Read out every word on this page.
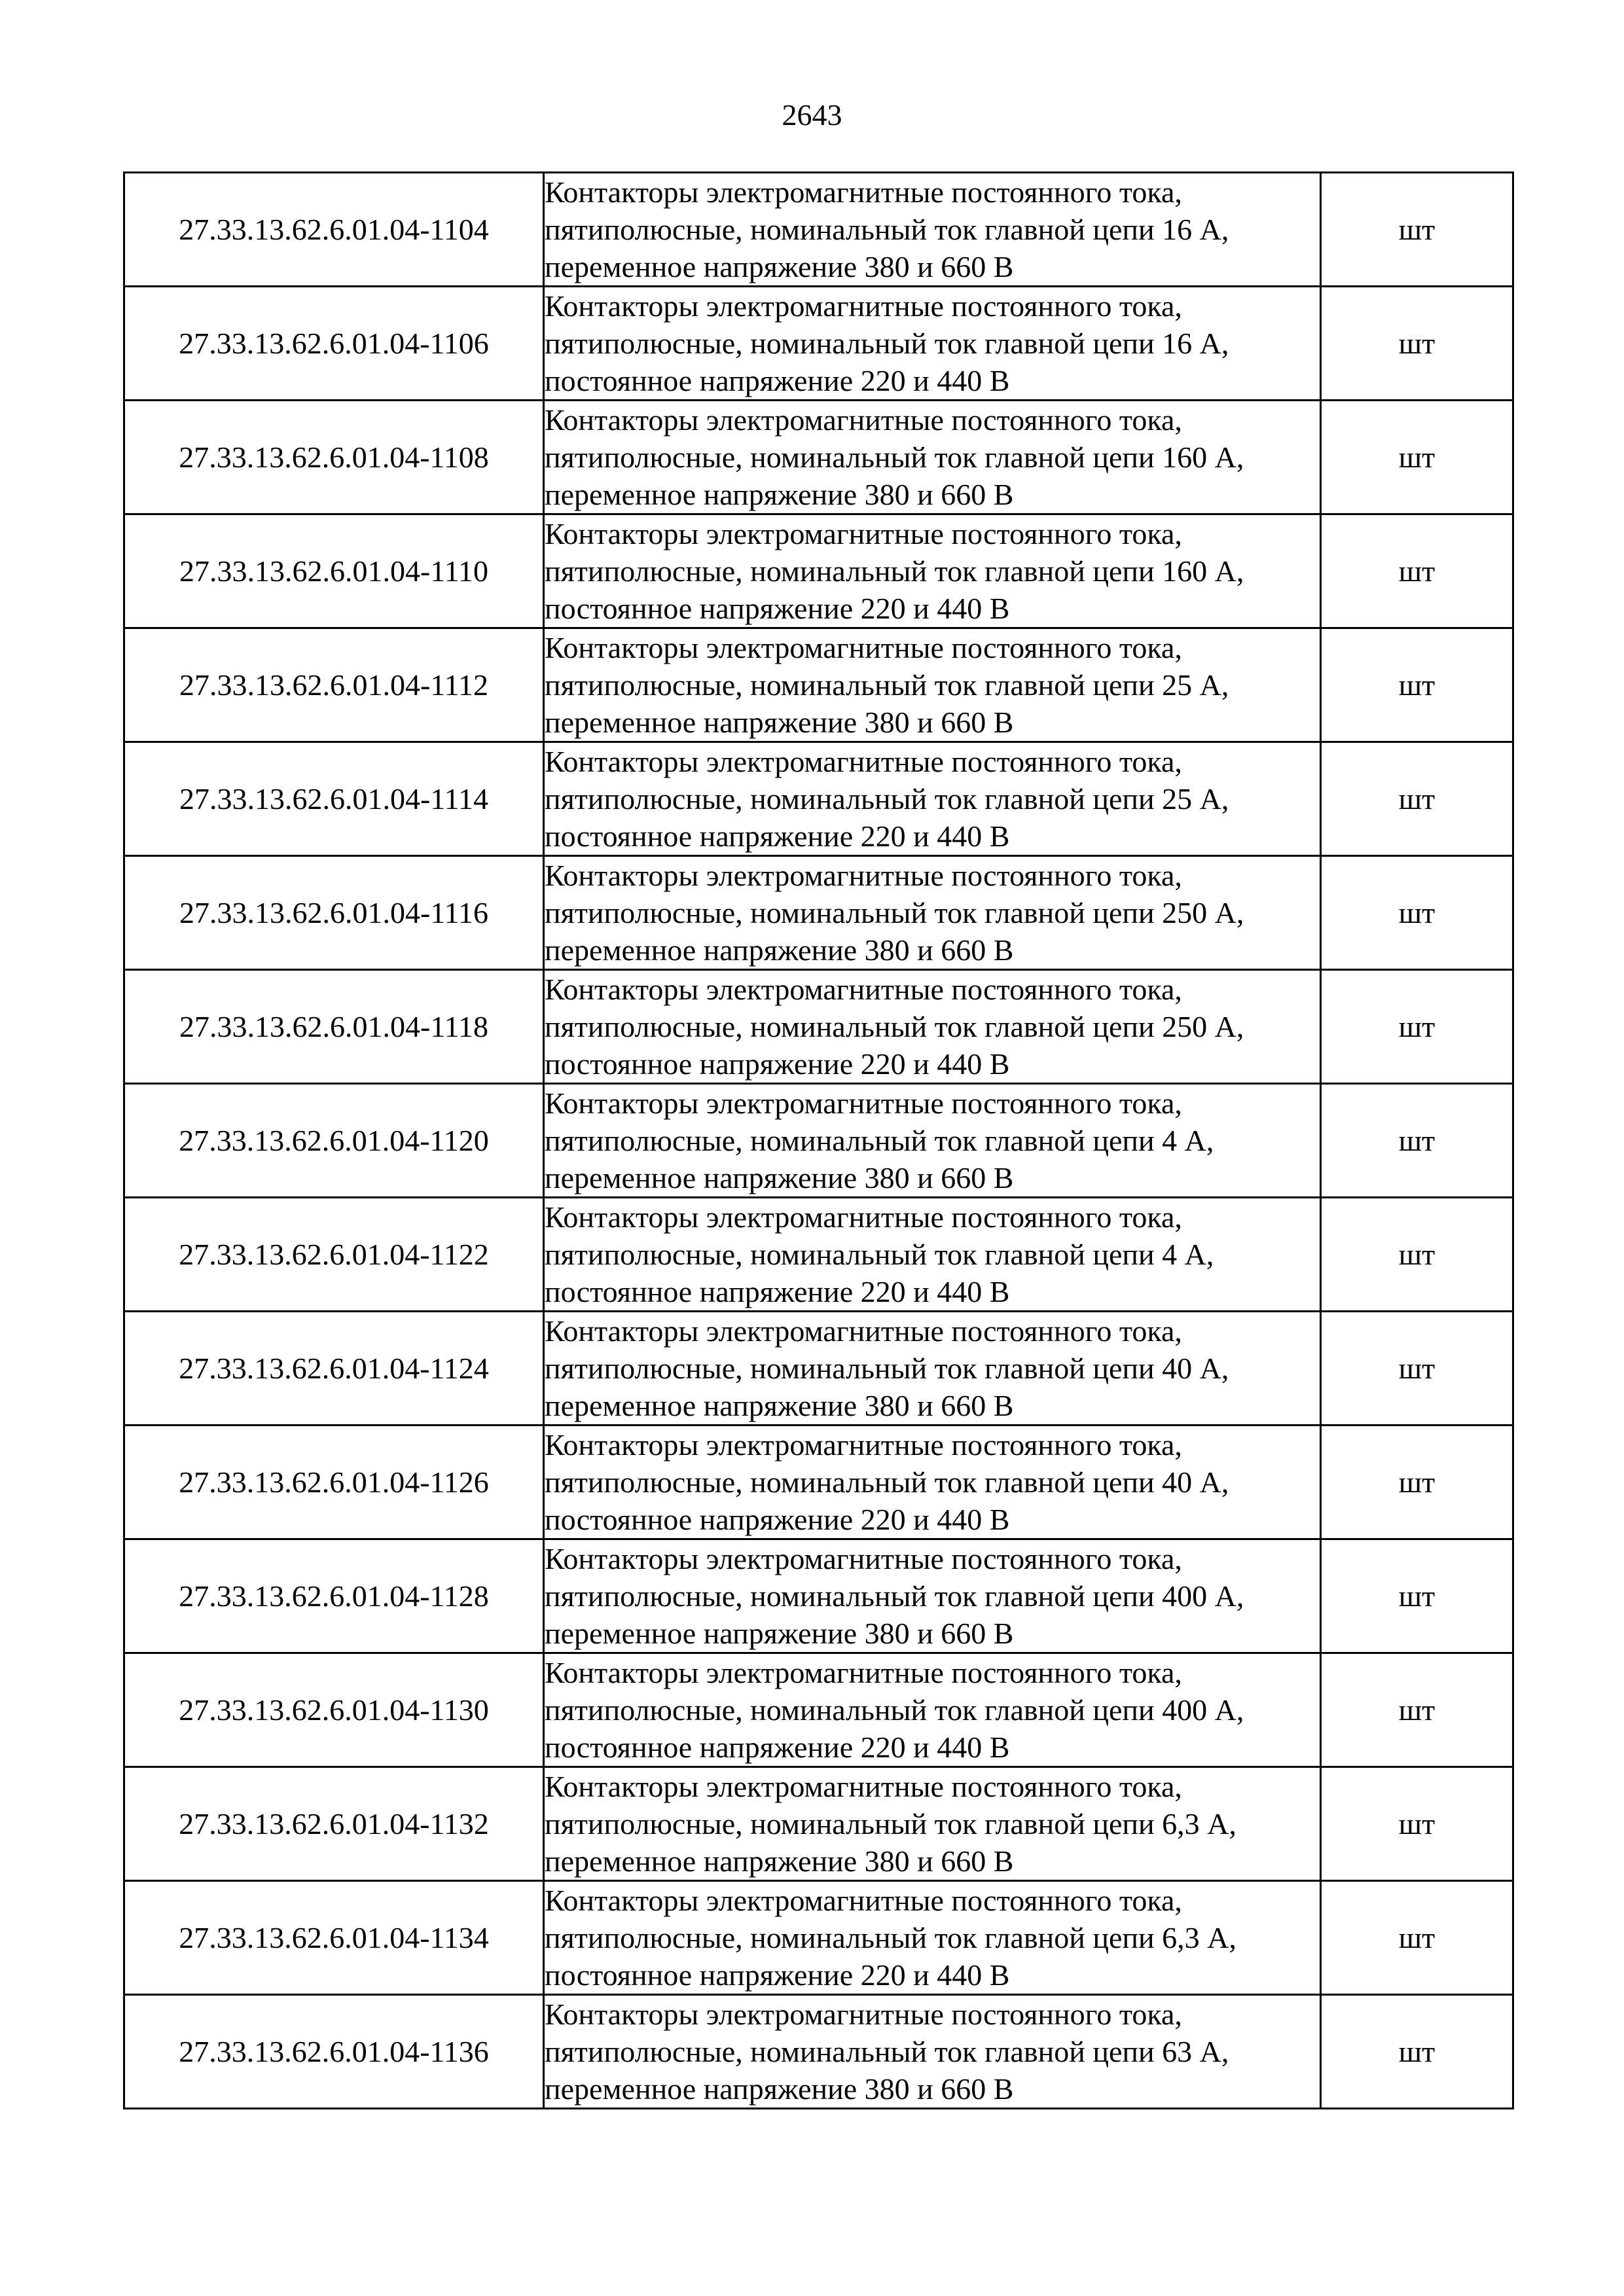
2643
27.33.13.62.6.01.04-1104	Контакторы электромагнитные постоянного тока, пятиполюсные, номинальный ток главной цепи 16 А, переменное напряжение 380 и 660 В	шт
27.33.13.62.6.01.04-1106	Контакторы электромагнитные постоянного тока, пятиполюсные, номинальный ток главной цепи 16 А, постоянное напряжение 220 и 440 В	шт
27.33.13.62.6.01.04-1108	Контакторы электромагнитные постоянного тока, пятиполюсные, номинальный ток главной цепи 160 А, переменное напряжение 380 и 660 В	шт
27.33.13.62.6.01.04-1110	Контакторы электромагнитные постоянного тока, пятиполюсные, номинальный ток главной цепи 160 А, постоянное напряжение 220 и 440 В	шт
27.33.13.62.6.01.04-1112	Контакторы электромагнитные постоянного тока, пятиполюсные, номинальный ток главной цепи 25 А, переменное напряжение 380 и 660 В	шт
27.33.13.62.6.01.04-1114	Контакторы электромагнитные постоянного тока, пятиполюсные, номинальный ток главной цепи 25 А, постоянное напряжение 220 и 440 В	шт
27.33.13.62.6.01.04-1116	Контакторы электромагнитные постоянного тока, пятиполюсные, номинальный ток главной цепи 250 А, переменное напряжение 380 и 660 В	шт
27.33.13.62.6.01.04-1118	Контакторы электромагнитные постоянного тока, пятиполюсные, номинальный ток главной цепи 250 А, постоянное напряжение 220 и 440 В	шт
27.33.13.62.6.01.04-1120	Контакторы электромагнитные постоянного тока, пятиполюсные, номинальный ток главной цепи 4 А, переменное напряжение 380 и 660 В	шт
27.33.13.62.6.01.04-1122	Контакторы электромагнитные постоянного тока, пятиполюсные, номинальный ток главной цепи 4 А, постоянное напряжение 220 и 440 В	шт
27.33.13.62.6.01.04-1124	Контакторы электромагнитные постоянного тока, пятиполюсные, номинальный ток главной цепи 40 А, переменное напряжение 380 и 660 В	шт
27.33.13.62.6.01.04-1126	Контакторы электромагнитные постоянного тока, пятиполюсные, номинальный ток главной цепи 40 А, постоянное напряжение 220 и 440 В	шт
27.33.13.62.6.01.04-1128	Контакторы электромагнитные постоянного тока, пятиполюсные, номинальный ток главной цепи 400 А, переменное напряжение 380 и 660 В	шт
27.33.13.62.6.01.04-1130	Контакторы электромагнитные постоянного тока, пятиполюсные, номинальный ток главной цепи 400 А, постоянное напряжение 220 и 440 В	шт
27.33.13.62.6.01.04-1132	Контакторы электромагнитные постоянного тока, пятиполюсные, номинальный ток главной цепи 6,3 А, переменное напряжение 380 и 660 В	шт
27.33.13.62.6.01.04-1134	Контакторы электромагнитные постоянного тока, пятиполюсные, номинальный ток главной цепи 6,3 А, постоянное напряжение 220 и 440 В	шт
27.33.13.62.6.01.04-1136	Контакторы электромагнитные постоянного тока, пятиполюсные, номинальный ток главной цепи 63 А, переменное напряжение 380 и 660 В	шт
